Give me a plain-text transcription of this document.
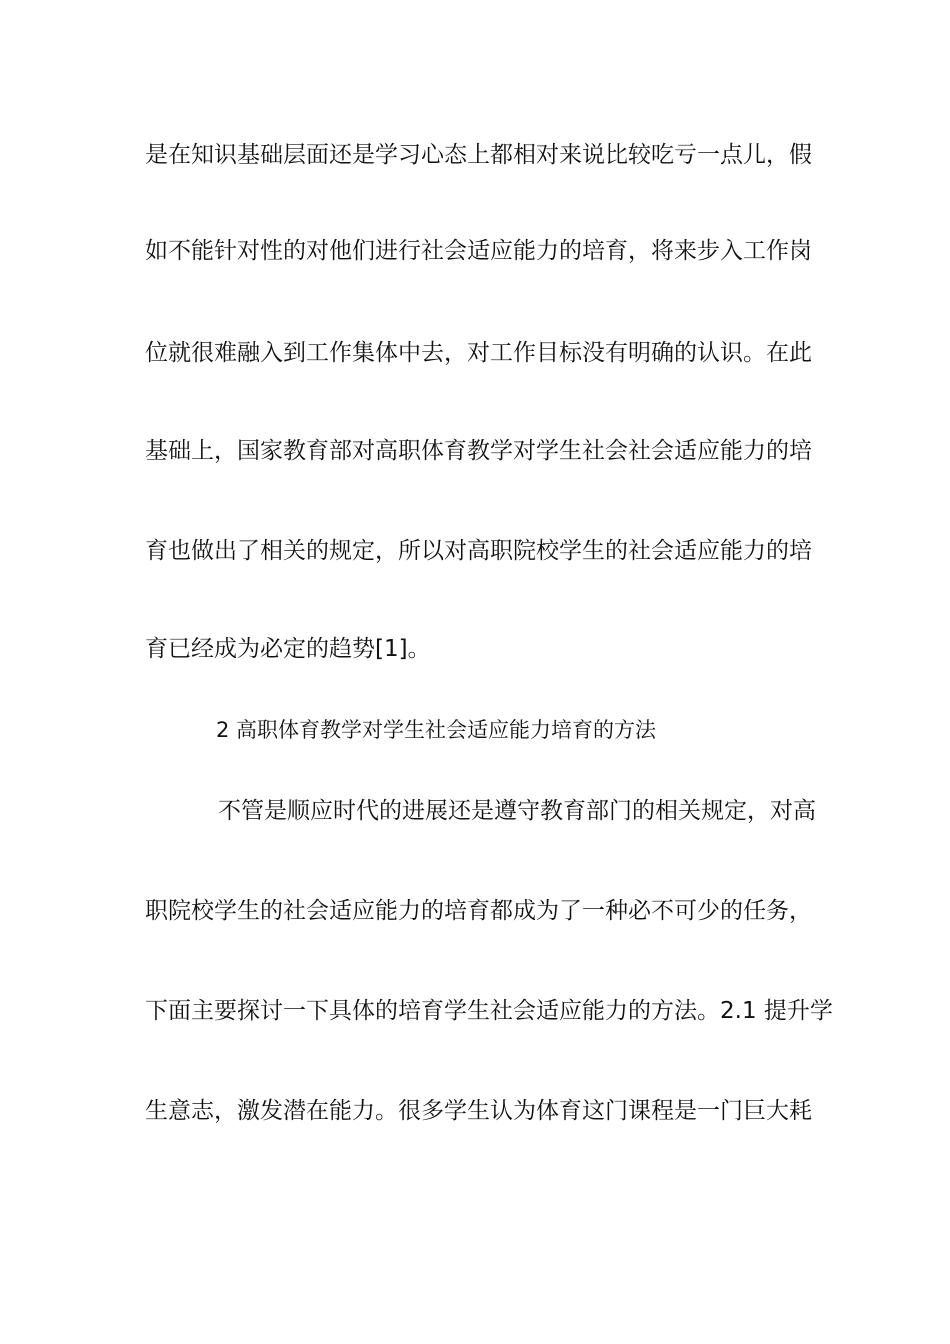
是在知识基础层面还是学习心态上都相对来说比较吃亏一点儿，假
如不能针对性的对他们进行社会适应能力的培育，将来步入工作岗
位就很难融入到工作集体中去，对工作目标没有明确的认识。在此
基础上，国家教育部对高职体育教学对学生社会社会适应能力的培
育也做出了相关的规定，所以对高职院校学生的社会适应能力的培
育已经成为必定的趋势[1]。
2 高职体育教学对学生社会适应能力培育的方法
不管是顺应时代的进展还是遵守教育部门的相关规定，对高
职院校学生的社会适应能力的培育都成为了一种必不可少的任务，
下面主要探讨一下具体的培育学生社会适应能力的方法。2.1 提升学
生意志，激发潜在能力。很多学生认为体育这门课程是一门巨大耗
